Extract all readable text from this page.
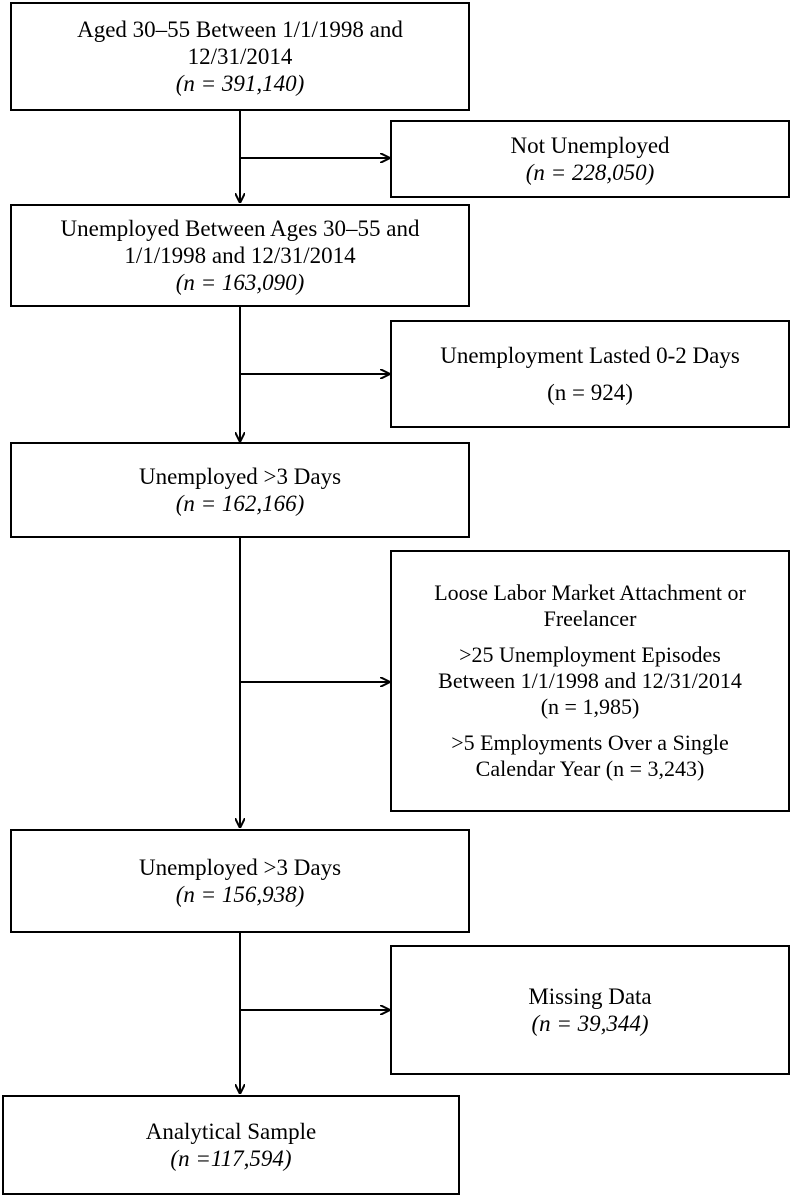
Aged 30–55 Between 1/1/1998 and
12/31/2014
(n = 391,140)
Unemployed Between Ages 30–55 and
1/1/1998 and 12/31/2014
(n = 163,090)
Unemployed >3 Days
(n = 162,166)
Unemployed >3 Days
(n = 156,938)
Analytical Sample
(n =117,594)
Not Unemployed
(n = 228,050)
Unemployment Lasted 0-2 Days
(n = 924)
Loose Labor Market Attachment or
Freelancer
>25 Unemployment Episodes
Between 1/1/1998 and 12/31/2014
(n = 1,985)
>5 Employments Over a Single
Calendar Year (n = 3,243)
Missing Data
(n = 39,344)
